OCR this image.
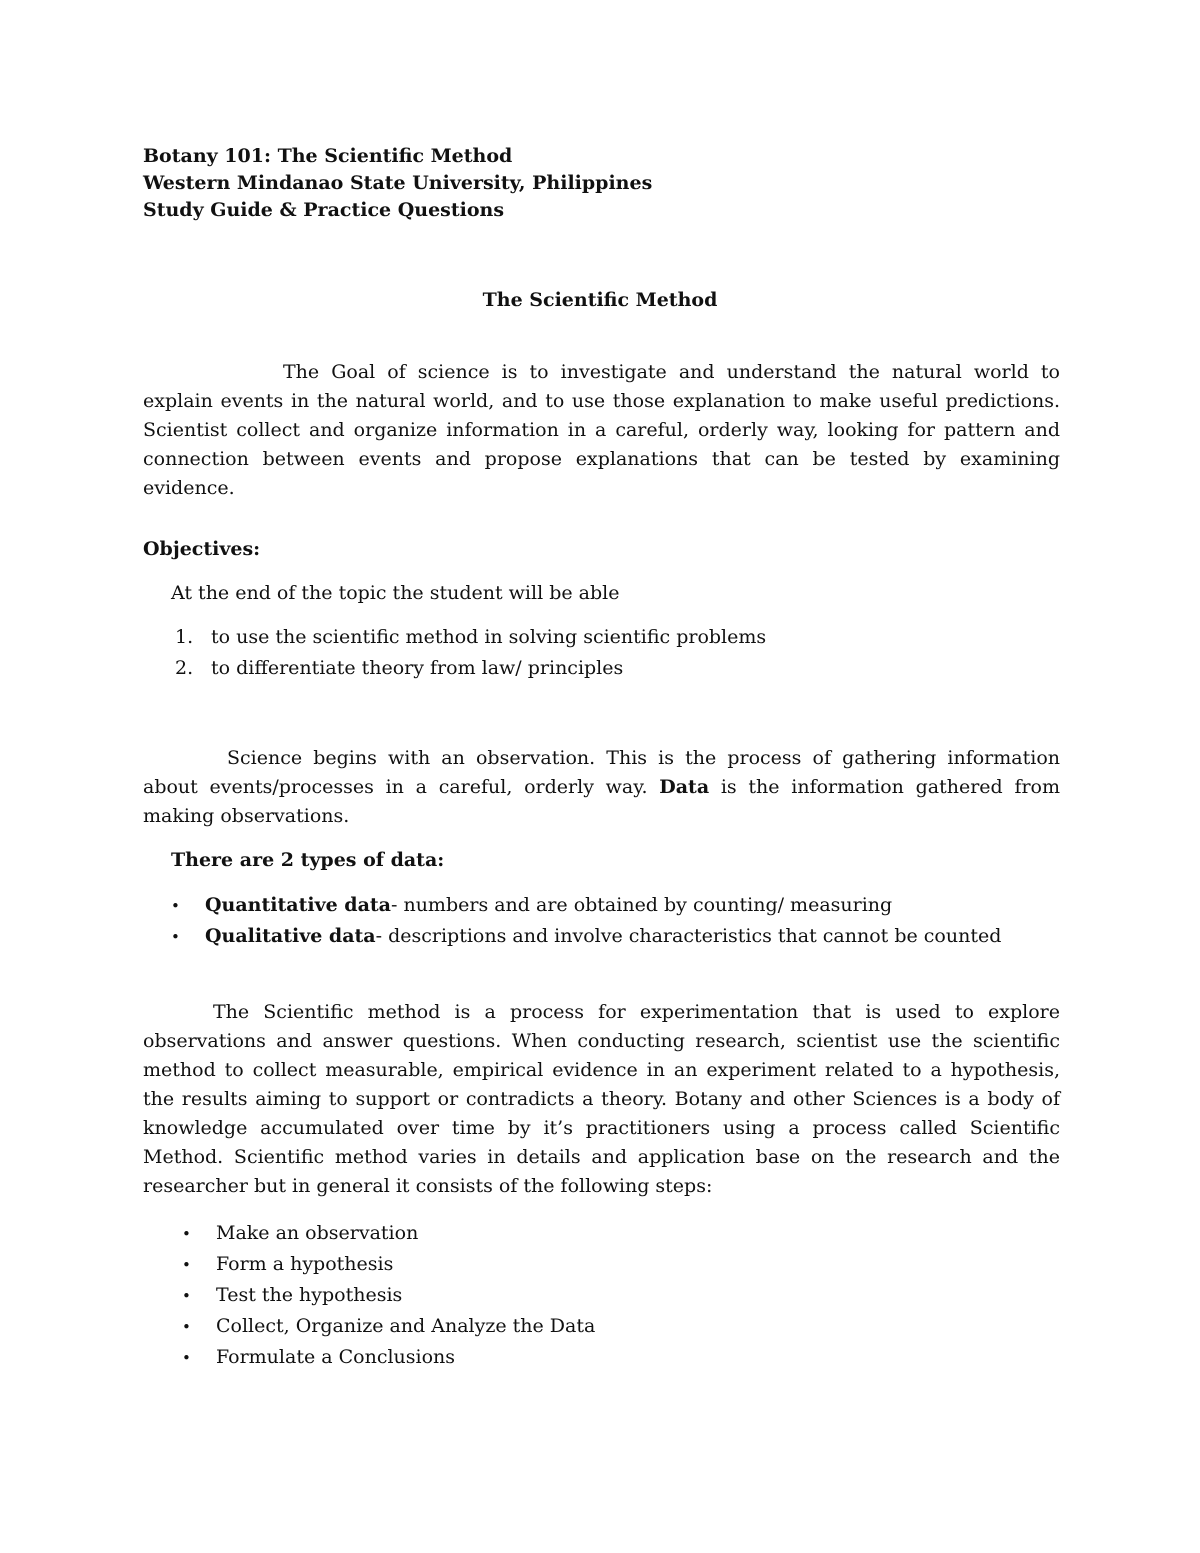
Botany 101: The Scientific Method
Western Mindanao State University, Philippines
Study Guide & Practice Questions
The Scientific Method
The Goal of science is to investigate and understand the natural world to explain events in the natural world, and to use those explanation to make useful predictions. Scientist collect and organize information in a careful, orderly way, looking for pattern and connection between events and propose explanations that can be tested by examining evidence.
Objectives:
At the end of the topic the student will be able
1. to use the scientific method in solving scientific problems
2. to differentiate theory from law/ principles
Science begins with an observation. This is the process of gathering information about events/processes in a careful, orderly way. Data is the information gathered from making observations.
There are 2 types of data:
• Quantitative data- numbers and are obtained by counting/ measuring
• Qualitative data- descriptions and involve characteristics that cannot be counted
The Scientific method is a process for experimentation that is used to explore observations and answer questions. When conducting research, scientist use the scientific method to collect measurable, empirical evidence in an experiment related to a hypothesis, the results aiming to support or contradicts a theory. Botany and other Sciences is a body of knowledge accumulated over time by it’s practitioners using a process called Scientific Method. Scientific method varies in details and application base on the research and the researcher but in general it consists of the following steps:
• Make an observation
• Form a hypothesis
• Test the hypothesis
• Collect, Organize and Analyze the Data
• Formulate a Conclusions
